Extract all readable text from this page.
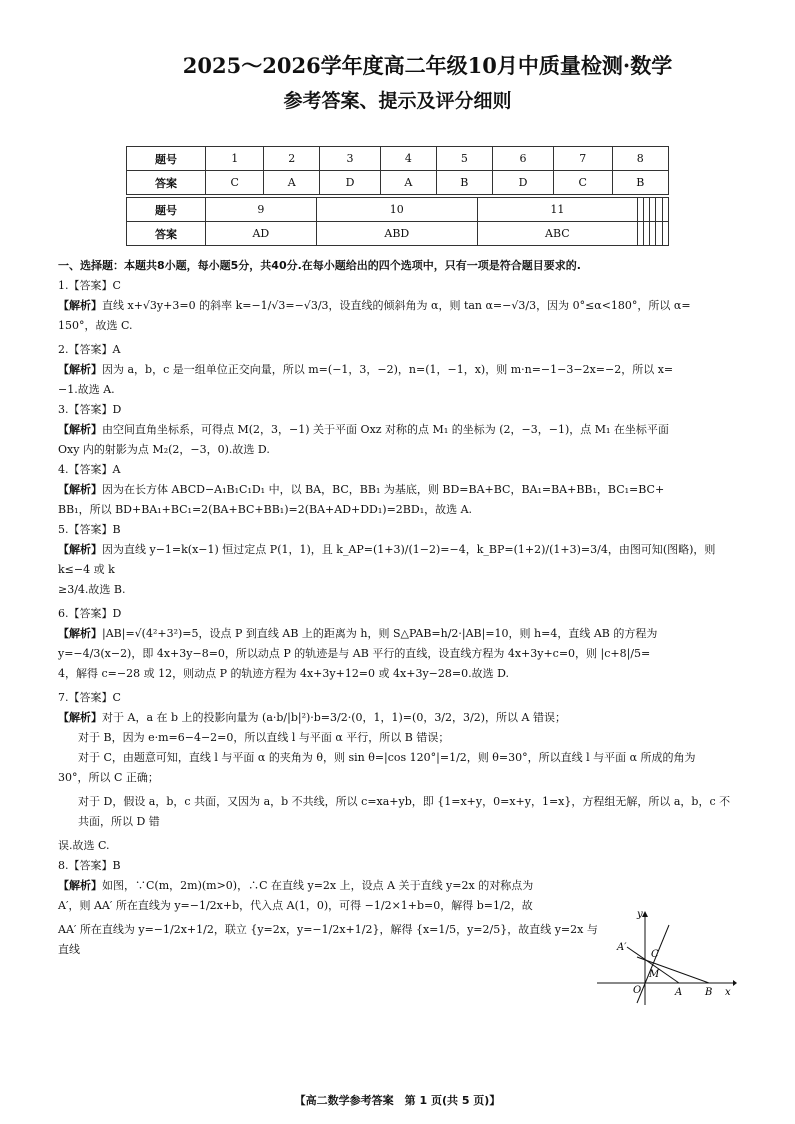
2025～2026学年度高二年级10月中质量检测·数学
参考答案、提示及评分细则
题号	1	2	3	4	5	6	7	8
答案	C	A	D	A	B	D	C	B
题号	9	10	11					
答案	AD	ABD	ABC					

一、选择题：本题共8小题，每小题5分，共40分.在每小题给出的四个选项中，只有一项是符合题目要求的.

1.【答案】C

【解析】直线 x+√3y+3=0 的斜率 k=−1/√3=−√3/3，设直线的倾斜角为 α，则 tan α=−√3/3，因为 0°≤α<180°，所以 α=

150°，故选 C.

2.【答案】A

【解析】因为 a，b，c 是一组单位正交向量，所以 m=(−1，3，−2)，n=(1，−1，x)，则 m·n=−1−3−2x=−2，所以 x=

−1.故选 A.

3.【答案】D

【解析】由空间直角坐标系，可得点 M(2，3，−1) 关于平面 Oxz 对称的点 M₁ 的坐标为 (2，−3，−1)，点 M₁ 在坐标平面

Oxy 内的射影为点 M₂(2，−3，0).故选 D.

4.【答案】A

【解析】因为在长方体 ABCD−A₁B₁C₁D₁ 中，以 BA，BC，BB₁ 为基底，则 BD=BA+BC，BA₁=BA+BB₁，BC₁=BC+

BB₁，所以 BD+BA₁+BC₁=2(BA+BC+BB₁)=2(BA+AD+DD₁)=2BD₁，故选 A.

5.【答案】B

【解析】因为直线 y−1=k(x−1) 恒过定点 P(1，1)，且 k_AP=(1+3)/(1−2)=−4，k_BP=(1+2)/(1+3)=3/4，由图可知(图略)，则 k≤−4 或 k

≥3/4.故选 B.

6.【答案】D

【解析】|AB|=√(4²+3²)=5，设点 P 到直线 AB 上的距离为 h，则 S△PAB=h/2·|AB|=10，则 h=4，直线 AB 的方程为

y=−4/3(x−2)，即 4x+3y−8=0，所以动点 P 的轨迹是与 AB 平行的直线，设直线方程为 4x+3y+c=0，则 |c+8|/5=

4，解得 c=−28 或 12，则动点 P 的轨迹方程为 4x+3y+12=0 或 4x+3y−28=0.故选 D.

7.【答案】C

【解析】对于 A，a 在 b 上的投影向量为 (a·b/|b|²)·b=3/2·(0，1，1)=(0，3/2，3/2)，所以 A 错误；

对于 B，因为 e·m=6−4−2=0，所以直线 l 与平面 α 平行，所以 B 错误；

对于 C，由题意可知，直线 l 与平面 α 的夹角为 θ，则 sin θ=|cos 120°|=1/2，则 θ=30°，所以直线 l 与平面 α 所成的角为

30°，所以 C 正确；

对于 D，假设 a，b，c 共面，又因为 a，b 不共线，所以 c=xa+yb，即 {1=x+y，0=x+y，1=x}，方程组无解，所以 a，b，c 不共面，所以 D 错

误.故选 C.

8.【答案】B

【解析】如图，∵C(m，2m)(m>0)，∴C 在直线 y=2x 上，设点 A 关于直线 y=2x 的对称点为

A′，则 AA′ 所在直线为 y=−1/2x+b，代入点 A(1，0)，可得 −1/2×1+b=0，解得 b=1/2，故

AA′ 所在直线为 y=−1/2x+1/2，联立 {y=2x，y=−1/2x+1/2}，解得 {x=1/5，y=2/5}，故直线 y=2x 与直线

y
A′
C
M
O	A B x
【高二数学参考答案　第 1 页(共 5 页)】
